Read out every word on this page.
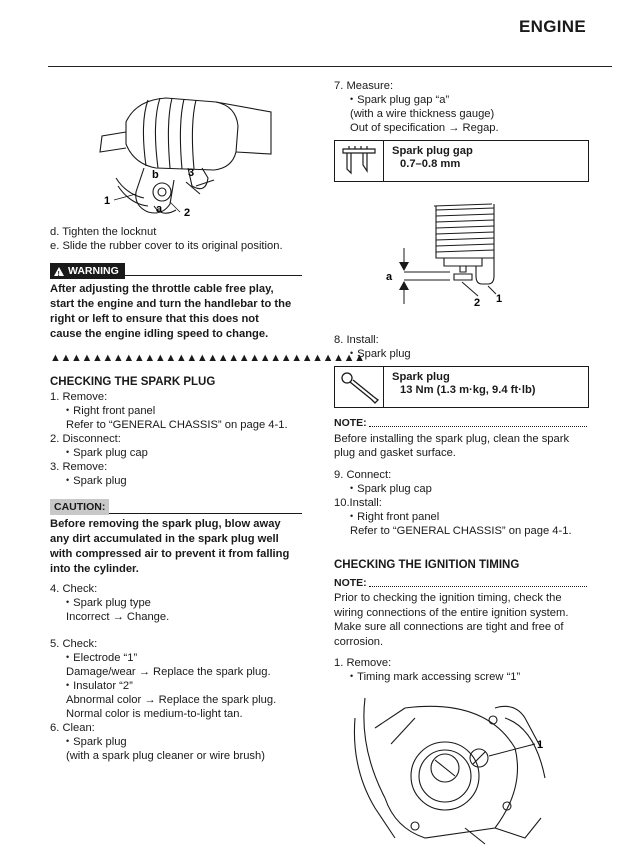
ENGINE
b	3
1
a 2
d. Tighten the locknut
e. Slide the rubber cover to its original position.
!
WARNING
After adjusting the throttle cable free play,
start the engine and turn the handlebar to the
right or left to ensure that this does not
cause the engine idling speed to change.
▲▲▲▲▲▲▲▲▲▲▲▲▲▲▲▲▲▲▲▲▲▲▲▲▲▲▲▲▲▲
CHECKING THE SPARK PLUG
1. Remove:
• Right front panel
Refer to “GENERAL CHASSIS” on page 4-1.
2. Disconnect:
• Spark plug cap
3. Remove:
• Spark plug
CAUTION:
Before removing the spark plug, blow away
any dirt accumulated in the spark plug well
with compressed air to prevent it from falling
into the cylinder.
4. Check:
• Spark plug type
Incorrect → Change.
5. Check:
• Electrode “1”
Damage/wear → Replace the spark plug.
• Insulator “2”
Abnormal color → Replace the spark plug.
Normal color is medium-to-light tan.
6. Clean:
• Spark plug
(with a spark plug cleaner or wire brush)
7. Measure:
• Spark plug gap “a”
(with a wire thickness gauge)
Out of specification → Regap.
Spark plug gap
0.7–0.8 mm
a
2 1
8. Install:
• Spark plug
Spark plug
13 Nm (1.3 m·kg, 9.4 ft·lb)
NOTE:
Before installing the spark plug, clean the spark
plug and gasket surface.
9. Connect:
• Spark plug cap
10.Install:
• Right front panel
Refer to “GENERAL CHASSIS” on page 4-1.
CHECKING THE IGNITION TIMING
NOTE:
Prior to checking the ignition timing, check the
wiring connections of the entire ignition system.
Make sure all connections are tight and free of
corrosion.
1. Remove:
• Timing mark accessing screw “1”
1
